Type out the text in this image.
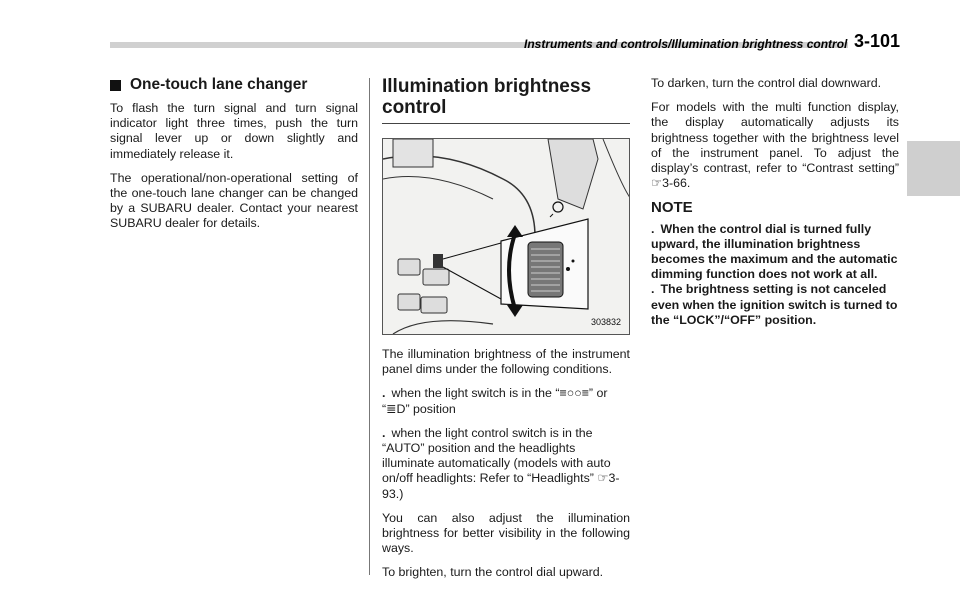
Instruments and controls/Illumination brightness control 3-101
One-touch lane changer

To flash the turn signal and turn signal indicator light three times, push the turn signal lever up or down slightly and immediately release it.

The operational/non-operational setting of the one-touch lane changer can be changed by a SUBARU dealer. Contact your nearest SUBARU dealer for details.

Illumination brightness control
303832

The illumination brightness of the instrument panel dims under the following conditions.

. when the light switch is in the “≡○○≡” or “≣D” position

. when the light control switch is in the “AUTO” position and the headlights illuminate automatically (models with auto on/off headlights: Refer to “Headlights” ☞3-93.)

You can also adjust the illumination brightness for better visibility in the following ways.

To brighten, turn the control dial upward.

To darken, turn the control dial downward.

For models with the multi function display, the display automatically adjusts its brightness together with the brightness level of the instrument panel. To adjust the display’s contrast, refer to “Contrast setting” ☞3-66.

NOTE

. When the control dial is turned fully upward, the illumination brightness becomes the maximum and the automatic dimming function does not work at all.

. The brightness setting is not canceled even when the ignition switch is turned to the “LOCK”/“OFF” position.
